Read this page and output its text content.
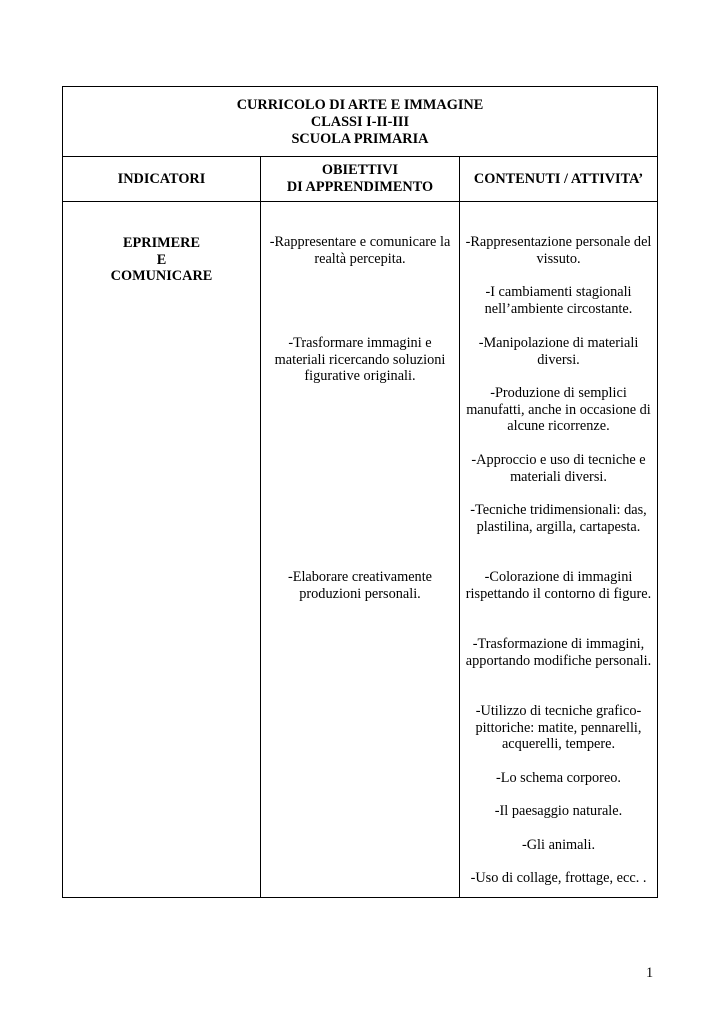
CURRICOLO DI ARTE E IMMAGINE
CLASSI I-II-III
SCUOLA PRIMARIA
INDICATORI
OBIETTIVI
DI APPRENDIMENTO
CONTENUTI / ATTIVITA’
EPRIMERE
E
COMUNICARE
-Rappresentare e comunicare la realtà percepita.
-Trasformare immagini e materiali ricercando soluzioni figurative originali.
-Elaborare creativamente produzioni personali.
-Rappresentazione personale del vissuto.
-I cambiamenti stagionali nell’ambiente circostante.
-Manipolazione di materiali diversi.
-Produzione di semplici manufatti, anche in occasione di alcune ricorrenze.
-Approccio e uso di tecniche e materiali diversi.
-Tecniche tridimensionali: das, plastilina, argilla, cartapesta.
-Colorazione di immagini rispettando il contorno di figure.
-Trasformazione di immagini, apportando modifiche personali.
-Utilizzo di tecniche grafico-pittoriche: matite, pennarelli, acquerelli, tempere.
-Lo schema corporeo.
-Il paesaggio naturale.
-Gli animali.
-Uso di collage, frottage, ecc. .
1
